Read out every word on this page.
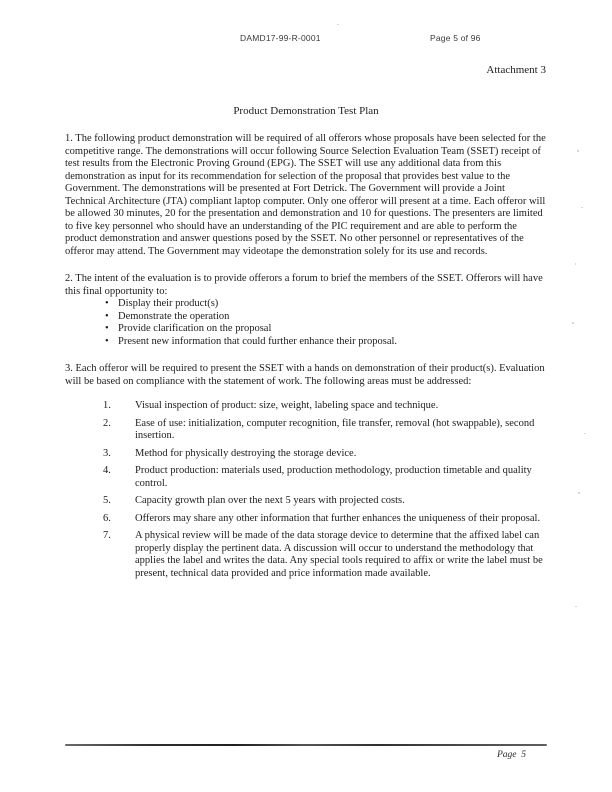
DAMD17-99-R-0001	Page 5 of 96
Attachment 3
Product Demonstration Test Plan

1. The following product demonstration will be required of all offerors whose proposals have been selected for the competitive range. The demonstrations will occur following Source Selection Evaluation Team (SSET) receipt of test results from the Electronic Proving Ground (EPG). The SSET will use any additional data from this demonstration as input for its recommendation for selection of the proposal that provides best value to the Government. The demonstrations will be presented at Fort Detrick. The Government will provide a Joint Technical Architecture (JTA) compliant laptop computer. Only one offeror will present at a time. Each offeror will be allowed 30 minutes, 20 for the presentation and demonstration and 10 for questions. The presenters are limited to five key personnel who should have an understanding of the PIC requirement and are able to perform the product demonstration and answer questions posed by the SSET. No other personnel or representatives of the offeror may attend. The Government may videotape the demonstration solely for its use and records.

2. The intent of the evaluation is to provide offerors a forum to brief the members of the SSET. Offerors will have this final opportunity to:

• Display their product(s)
• Demonstrate the operation
• Provide clarification on the proposal
• Present new information that could further enhance their proposal.

3. Each offeror will be required to present the SSET with a hands on demonstration of their product(s). Evaluation will be based on compliance with the statement of work. The following areas must be addressed:

1.	Visual inspection of product: size, weight, labeling space and technique.
2.	Ease of use: initialization, computer recognition, file transfer, removal (hot swappable), second insertion.
3.	Method for physically destroying the storage device.
4.	Product production: materials used, production methodology, production timetable and quality control.
5.	Capacity growth plan over the next 5 years with projected costs.
6.	Offerors may share any other information that further enhances the uniqueness of their proposal.
7.	A physical review will be made of the data storage device to determine that the affixed label can properly display the pertinent data. A discussion will occur to understand the methodology that applies the label and writes the data. Any special tools required to affix or write the label must be present, technical data provided and price information made available.
Page  5
